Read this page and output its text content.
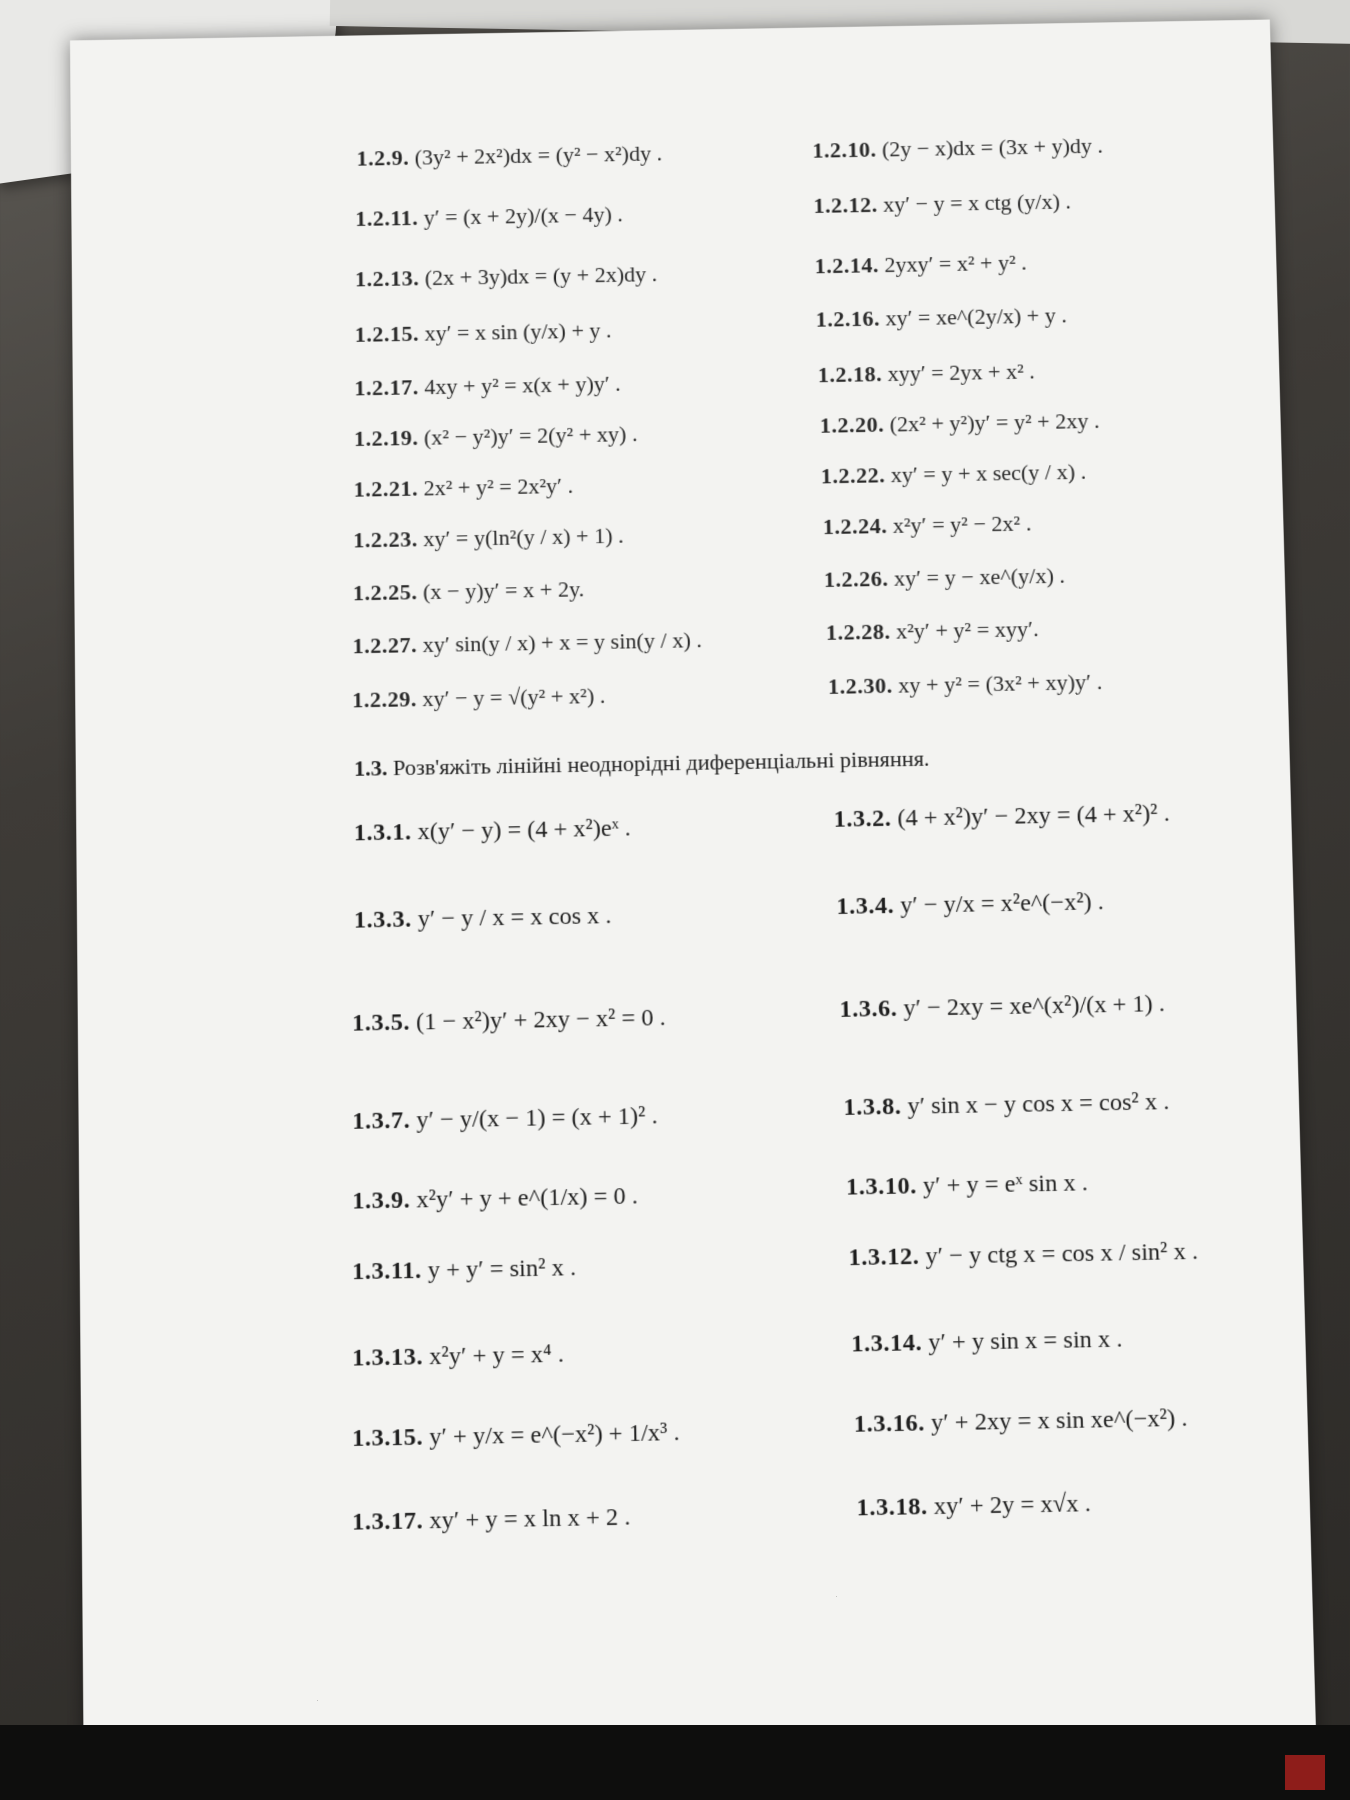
1.2.9. (3y² + 2x²)dx = (y² − x²)dy .	1.2.10. (2y − x)dx = (3x + y)dy .
1.2.11. y′ = (x + 2y)/(x − 4y) .	1.2.12. xy′ − y = x ctg (y/x) .
1.2.13. (2x + 3y)dx = (y + 2x)dy .	1.2.14. 2yxy′ = x² + y² .
1.2.15. xy′ = x sin (y/x) + y .	1.2.16. xy′ = xe^(2y/x) + y .
1.2.17. 4xy + y² = x(x + y)y′ .	1.2.18. xyy′ = 2yx + x² .
1.2.19. (x² − y²)y′ = 2(y² + xy) .	1.2.20. (2x² + y²)y′ = y² + 2xy .
1.2.21. 2x² + y² = 2x²y′ .	1.2.22. xy′ = y + x sec(y / x) .
1.2.23. xy′ = y(ln²(y / x) + 1) .	1.2.24. x²y′ = y² − 2x² .
1.2.25. (x − y)y′ = x + 2y.	1.2.26. xy′ = y − xe^(y/x) .
1.2.27. xy′ sin(y / x) + x = y sin(y / x) .	1.2.28. x²y′ + y² = xyy′.
1.2.29. xy′ − y = √(y² + x²) .	1.2.30. xy + y² = (3x² + xy)y′ .
1.3. Розв'яжіть лінійні неоднорідні диференціальні рівняння.
1.3.1. x(y′ − y) = (4 + x²)eˣ .	1.3.2. (4 + x²)y′ − 2xy = (4 + x²)² .
1.3.3. y′ − y / x = x cos x .	1.3.4. y′ − y/x = x²e^(−x²) .
1.3.5. (1 − x²)y′ + 2xy − x² = 0 .	1.3.6. y′ − 2xy = xe^(x²)/(x + 1) .
1.3.7. y′ − y/(x − 1) = (x + 1)² .	1.3.8. y′ sin x − y cos x = cos² x .
1.3.9. x²y′ + y + e^(1/x) = 0 .	1.3.10. y′ + y = eˣ sin x .
1.3.11. y + y′ = sin² x .	1.3.12. y′ − y ctg x = cos x / sin² x .
1.3.13. x²y′ + y = x⁴ .	1.3.14. y′ + y sin x = sin x .
1.3.15. y′ + y/x = e^(−x²) + 1/x³ .	1.3.16. y′ + 2xy = x sin xe^(−x²) .
1.3.17. xy′ + y = x ln x + 2 .	1.3.18. xy′ + 2y = x√x .
